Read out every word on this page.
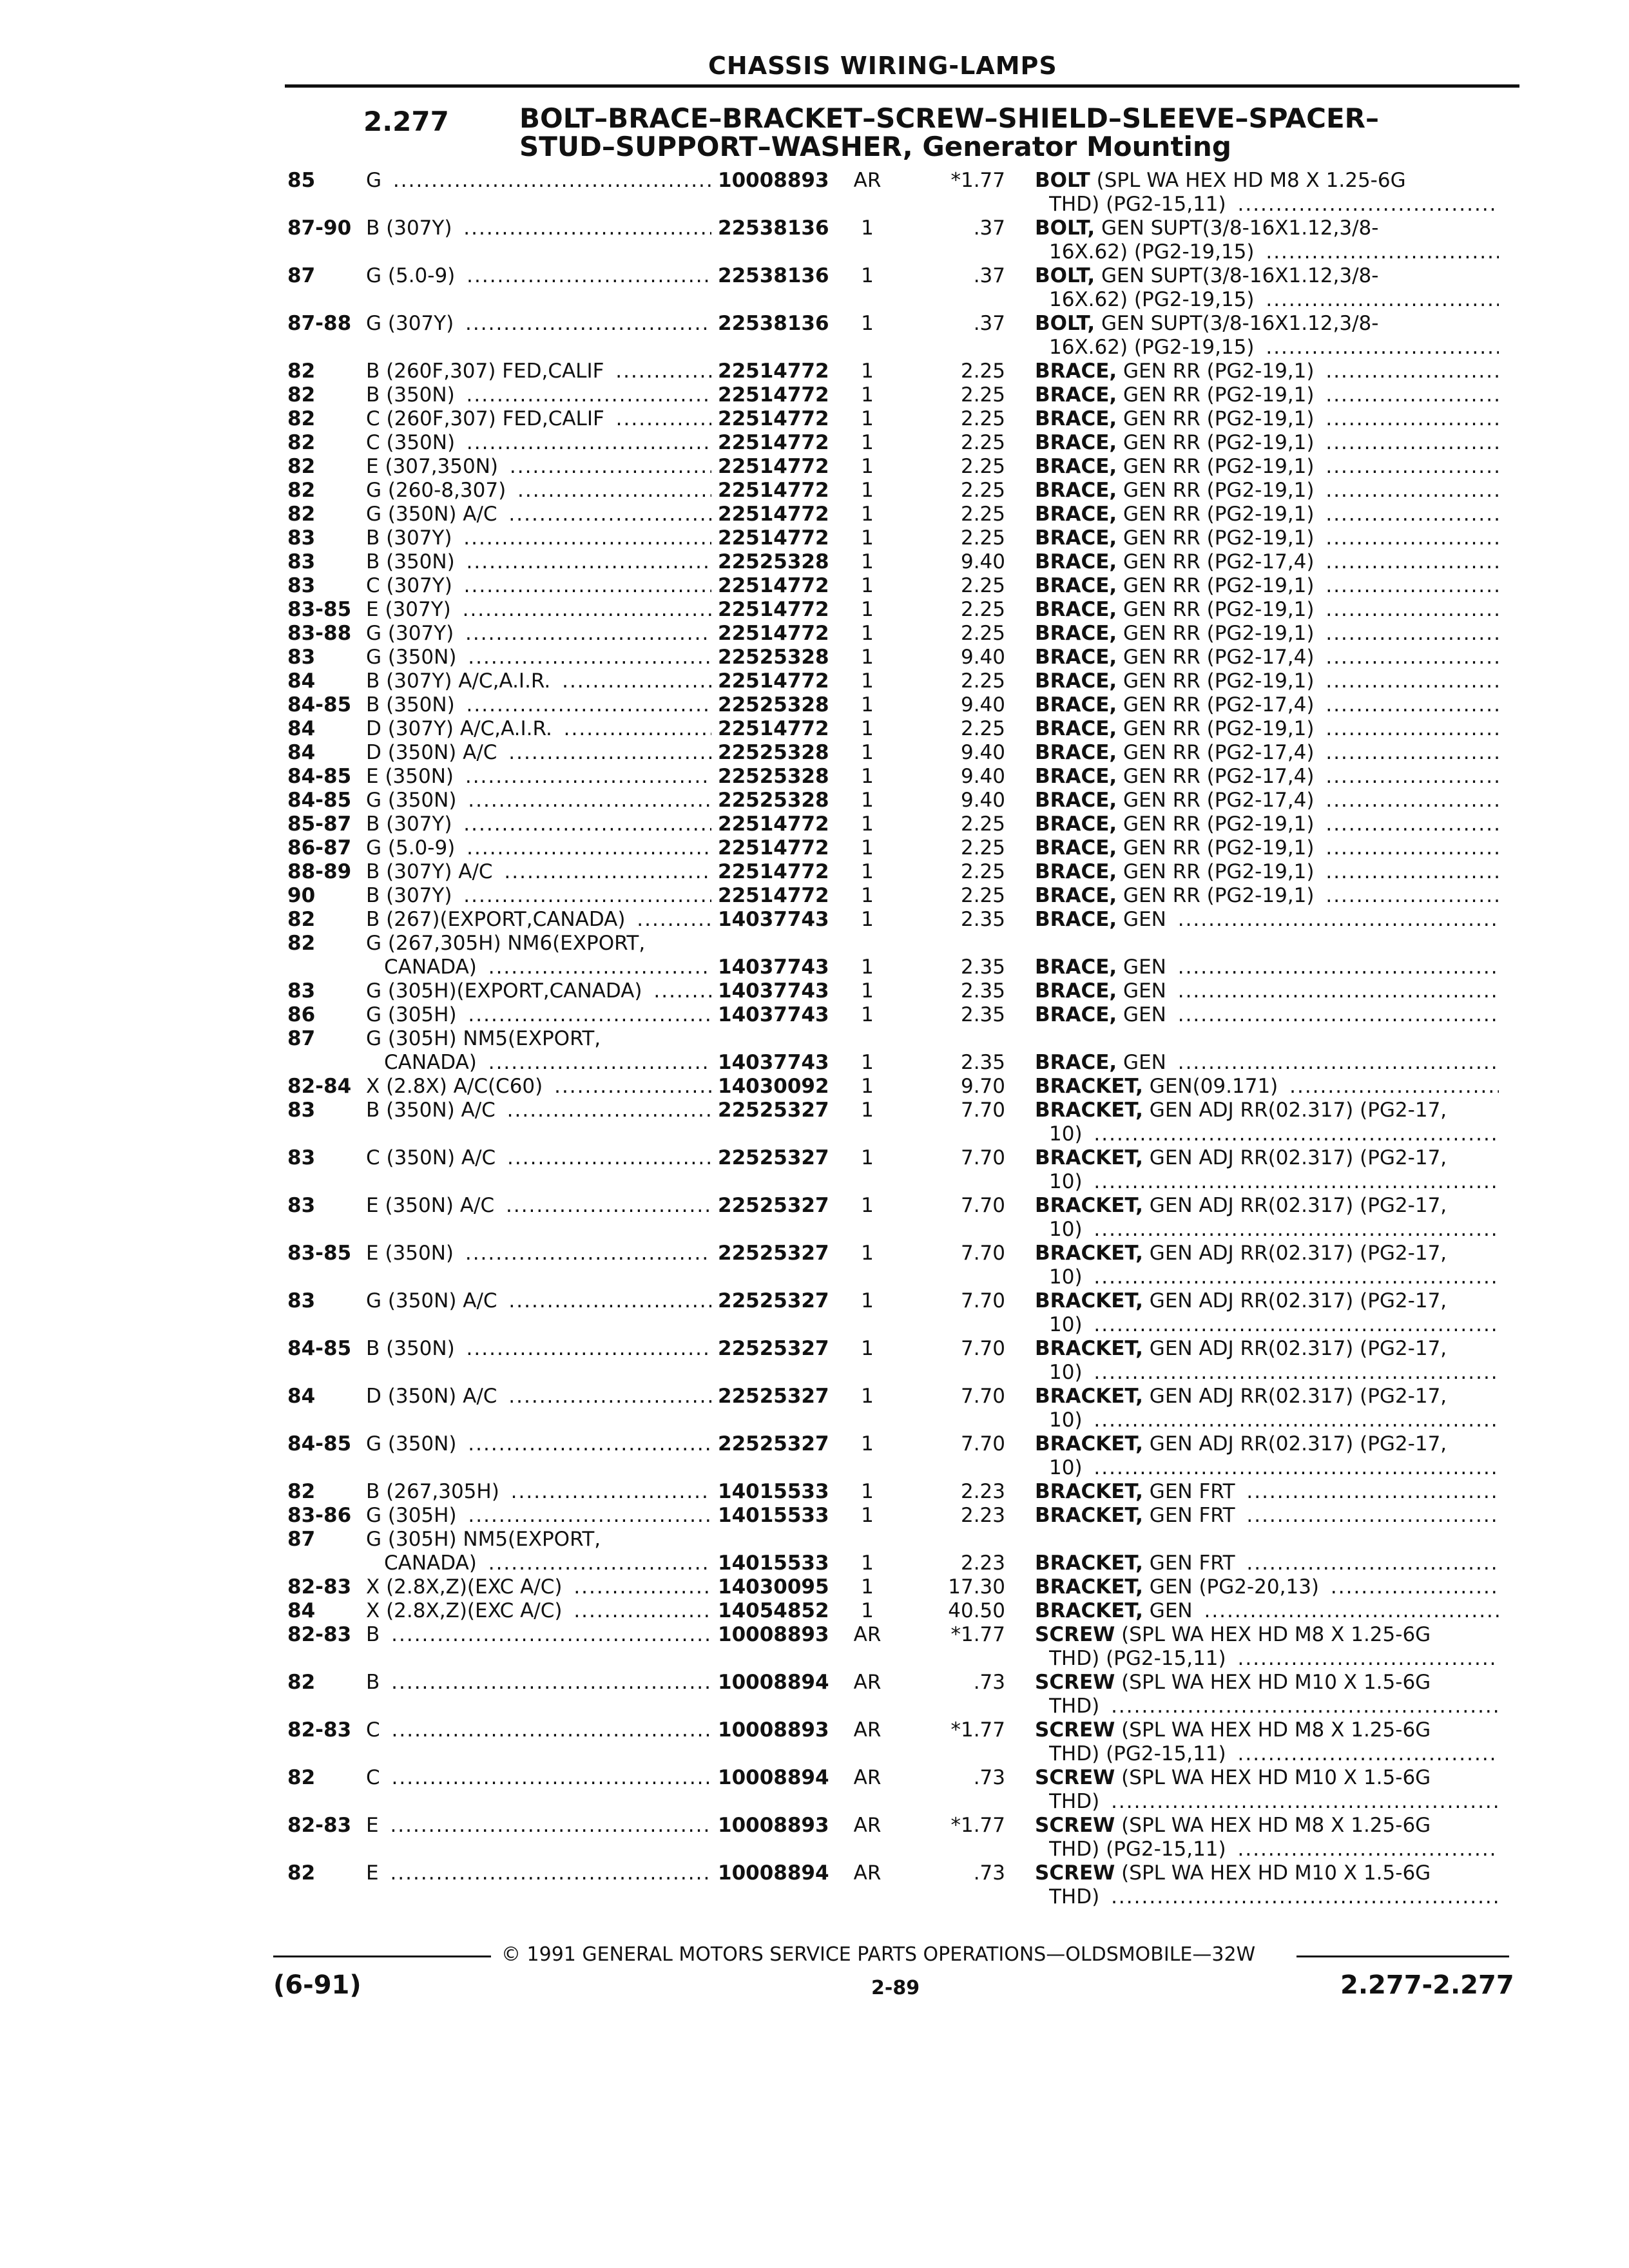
CHASSIS WIRING-LAMPS
2.277	BOLT–BRACE–BRACKET–SCREW–SHIELD–SLEEVE–SPACER–
STUD–SUPPORT–WASHER, Generator Mounting
85	G .....	10008893 AR	*1.77 BOLT (SPL WA HEX HD M8 X 1.25-6G
THD) (PG2-15,11) .....
87-90 B (307Y) .....	22538136	1	.37 BOLT, GEN SUPT(3/8-16X1.12,3/8-
16X.62) (PG2-19,15) .....
87	G (5.0-9) .....	22538136	1	.37 BOLT, GEN SUPT(3/8-16X1.12,3/8-
16X.62) (PG2-19,15) .....
87-88 G (307Y) .....	22538136	1	.37 BOLT, GEN SUPT(3/8-16X1.12,3/8-
16X.62) (PG2-19,15) .....
82	B (260F,307) FED,CALIF .....	22514772	1	2.25 BRACE, GEN RR (PG2-19,1) .....
82	B (350N) .....	22514772	1	2.25 BRACE, GEN RR (PG2-19,1) .....
82	C (260F,307) FED,CALIF .....	22514772	1	2.25 BRACE, GEN RR (PG2-19,1) .....
82	C (350N) .....	22514772	1	2.25 BRACE, GEN RR (PG2-19,1) .....
82	E (307,350N) .....	22514772	1	2.25 BRACE, GEN RR (PG2-19,1) .....
82	G (260-8,307) .....	22514772	1	2.25 BRACE, GEN RR (PG2-19,1) .....
82	G (350N) A/C .....	22514772	1	2.25 BRACE, GEN RR (PG2-19,1) .....
83	B (307Y) .....	22514772	1	2.25 BRACE, GEN RR (PG2-19,1) .....
83	B (350N) .....	22525328	1	9.40 BRACE, GEN RR (PG2-17,4) .....
83	C (307Y) .....	22514772	1	2.25 BRACE, GEN RR (PG2-19,1) .....
83-85 E (307Y) .....	22514772	1	2.25 BRACE, GEN RR (PG2-19,1) .....
83-88 G (307Y) .....	22514772	1	2.25 BRACE, GEN RR (PG2-19,1) .....
83	G (350N) .....	22525328	1	9.40 BRACE, GEN RR (PG2-17,4) .....
84	B (307Y) A/C,A.I.R. .....	22514772	1	2.25 BRACE, GEN RR (PG2-19,1) .....
84-85 B (350N) .....	22525328	1	9.40 BRACE, GEN RR (PG2-17,4) .....
84	D (307Y) A/C,A.I.R. .....	22514772	1	2.25 BRACE, GEN RR (PG2-19,1) .....
84	D (350N) A/C .....	22525328	1	9.40 BRACE, GEN RR (PG2-17,4) .....
84-85 E (350N) .....	22525328	1	9.40 BRACE, GEN RR (PG2-17,4) .....
84-85 G (350N) .....	22525328	1	9.40 BRACE, GEN RR (PG2-17,4) .....
85-87 B (307Y) .....	22514772	1	2.25 BRACE, GEN RR (PG2-19,1) .....
86-87 G (5.0-9) .....	22514772	1	2.25 BRACE, GEN RR (PG2-19,1) .....
88-89 B (307Y) A/C .....	22514772	1	2.25 BRACE, GEN RR (PG2-19,1) .....
90	B (307Y) .....	22514772	1	2.25 BRACE, GEN RR (PG2-19,1) .....
82	B (267)(EXPORT,CANADA) .....	14037743	1	2.35 BRACE, GEN .....
82	G (267,305H) NM6(EXPORT,
CANADA) .....	14037743	1	2.35 BRACE, GEN .....
83	G (305H)(EXPORT,CANADA) .....	14037743	1	2.35 BRACE, GEN .....
86	G (305H) .....	14037743	1	2.35 BRACE, GEN .....
87	G (305H) NM5(EXPORT,
CANADA) .....	14037743	1	2.35 BRACE, GEN .....
82-84 X (2.8X) A/C(C60) .....	14030092	1	9.70 BRACKET, GEN(09.171) .....
83	B (350N) A/C .....	22525327	1	7.70 BRACKET, GEN ADJ RR(02.317) (PG2-17,
10) .....
83	C (350N) A/C .....	22525327	1	7.70 BRACKET, GEN ADJ RR(02.317) (PG2-17,
10) .....
83	E (350N) A/C .....	22525327	1	7.70 BRACKET, GEN ADJ RR(02.317) (PG2-17,
10) .....
83-85 E (350N) .....	22525327	1	7.70 BRACKET, GEN ADJ RR(02.317) (PG2-17,
10) .....
83	G (350N) A/C .....	22525327	1	7.70 BRACKET, GEN ADJ RR(02.317) (PG2-17,
10) .....
84-85 B (350N) .....	22525327	1	7.70 BRACKET, GEN ADJ RR(02.317) (PG2-17,
10) .....
84	D (350N) A/C .....	22525327	1	7.70 BRACKET, GEN ADJ RR(02.317) (PG2-17,
10) .....
84-85 G (350N) .....	22525327	1	7.70 BRACKET, GEN ADJ RR(02.317) (PG2-17,
10) .....
82	B (267,305H) .....	14015533	1	2.23 BRACKET, GEN FRT .....
83-86 G (305H) .....	14015533	1	2.23 BRACKET, GEN FRT .....
87	G (305H) NM5(EXPORT,
CANADA) .....	14015533	1	2.23 BRACKET, GEN FRT .....
82-83 X (2.8X,Z)(EXC A/C) .....	14030095	1	17.30 BRACKET, GEN (PG2-20,13) .....
84	X (2.8X,Z)(EXC A/C) .....	14054852	1	40.50 BRACKET, GEN .....
82-83 B .....	10008893 AR	*1.77 SCREW (SPL WA HEX HD M8 X 1.25-6G
THD) (PG2-15,11) .....
82	B .....	10008894 AR	.73 SCREW (SPL WA HEX HD M10 X 1.5-6G
THD) .....
82-83 C .....	10008893 AR	*1.77 SCREW (SPL WA HEX HD M8 X 1.25-6G
THD) (PG2-15,11) .....
82	C .....	10008894 AR	.73 SCREW (SPL WA HEX HD M10 X 1.5-6G
THD) .....
82-83 E .....	10008893 AR	*1.77 SCREW (SPL WA HEX HD M8 X 1.25-6G
THD) (PG2-15,11) .....
82	E .....	10008894 AR	.73 SCREW (SPL WA HEX HD M10 X 1.5-6G
THD) .....
© 1991 GENERAL MOTORS SERVICE PARTS OPERATIONS—OLDSMOBILE—32W
(6-91)	2-89	2.277-2.277
